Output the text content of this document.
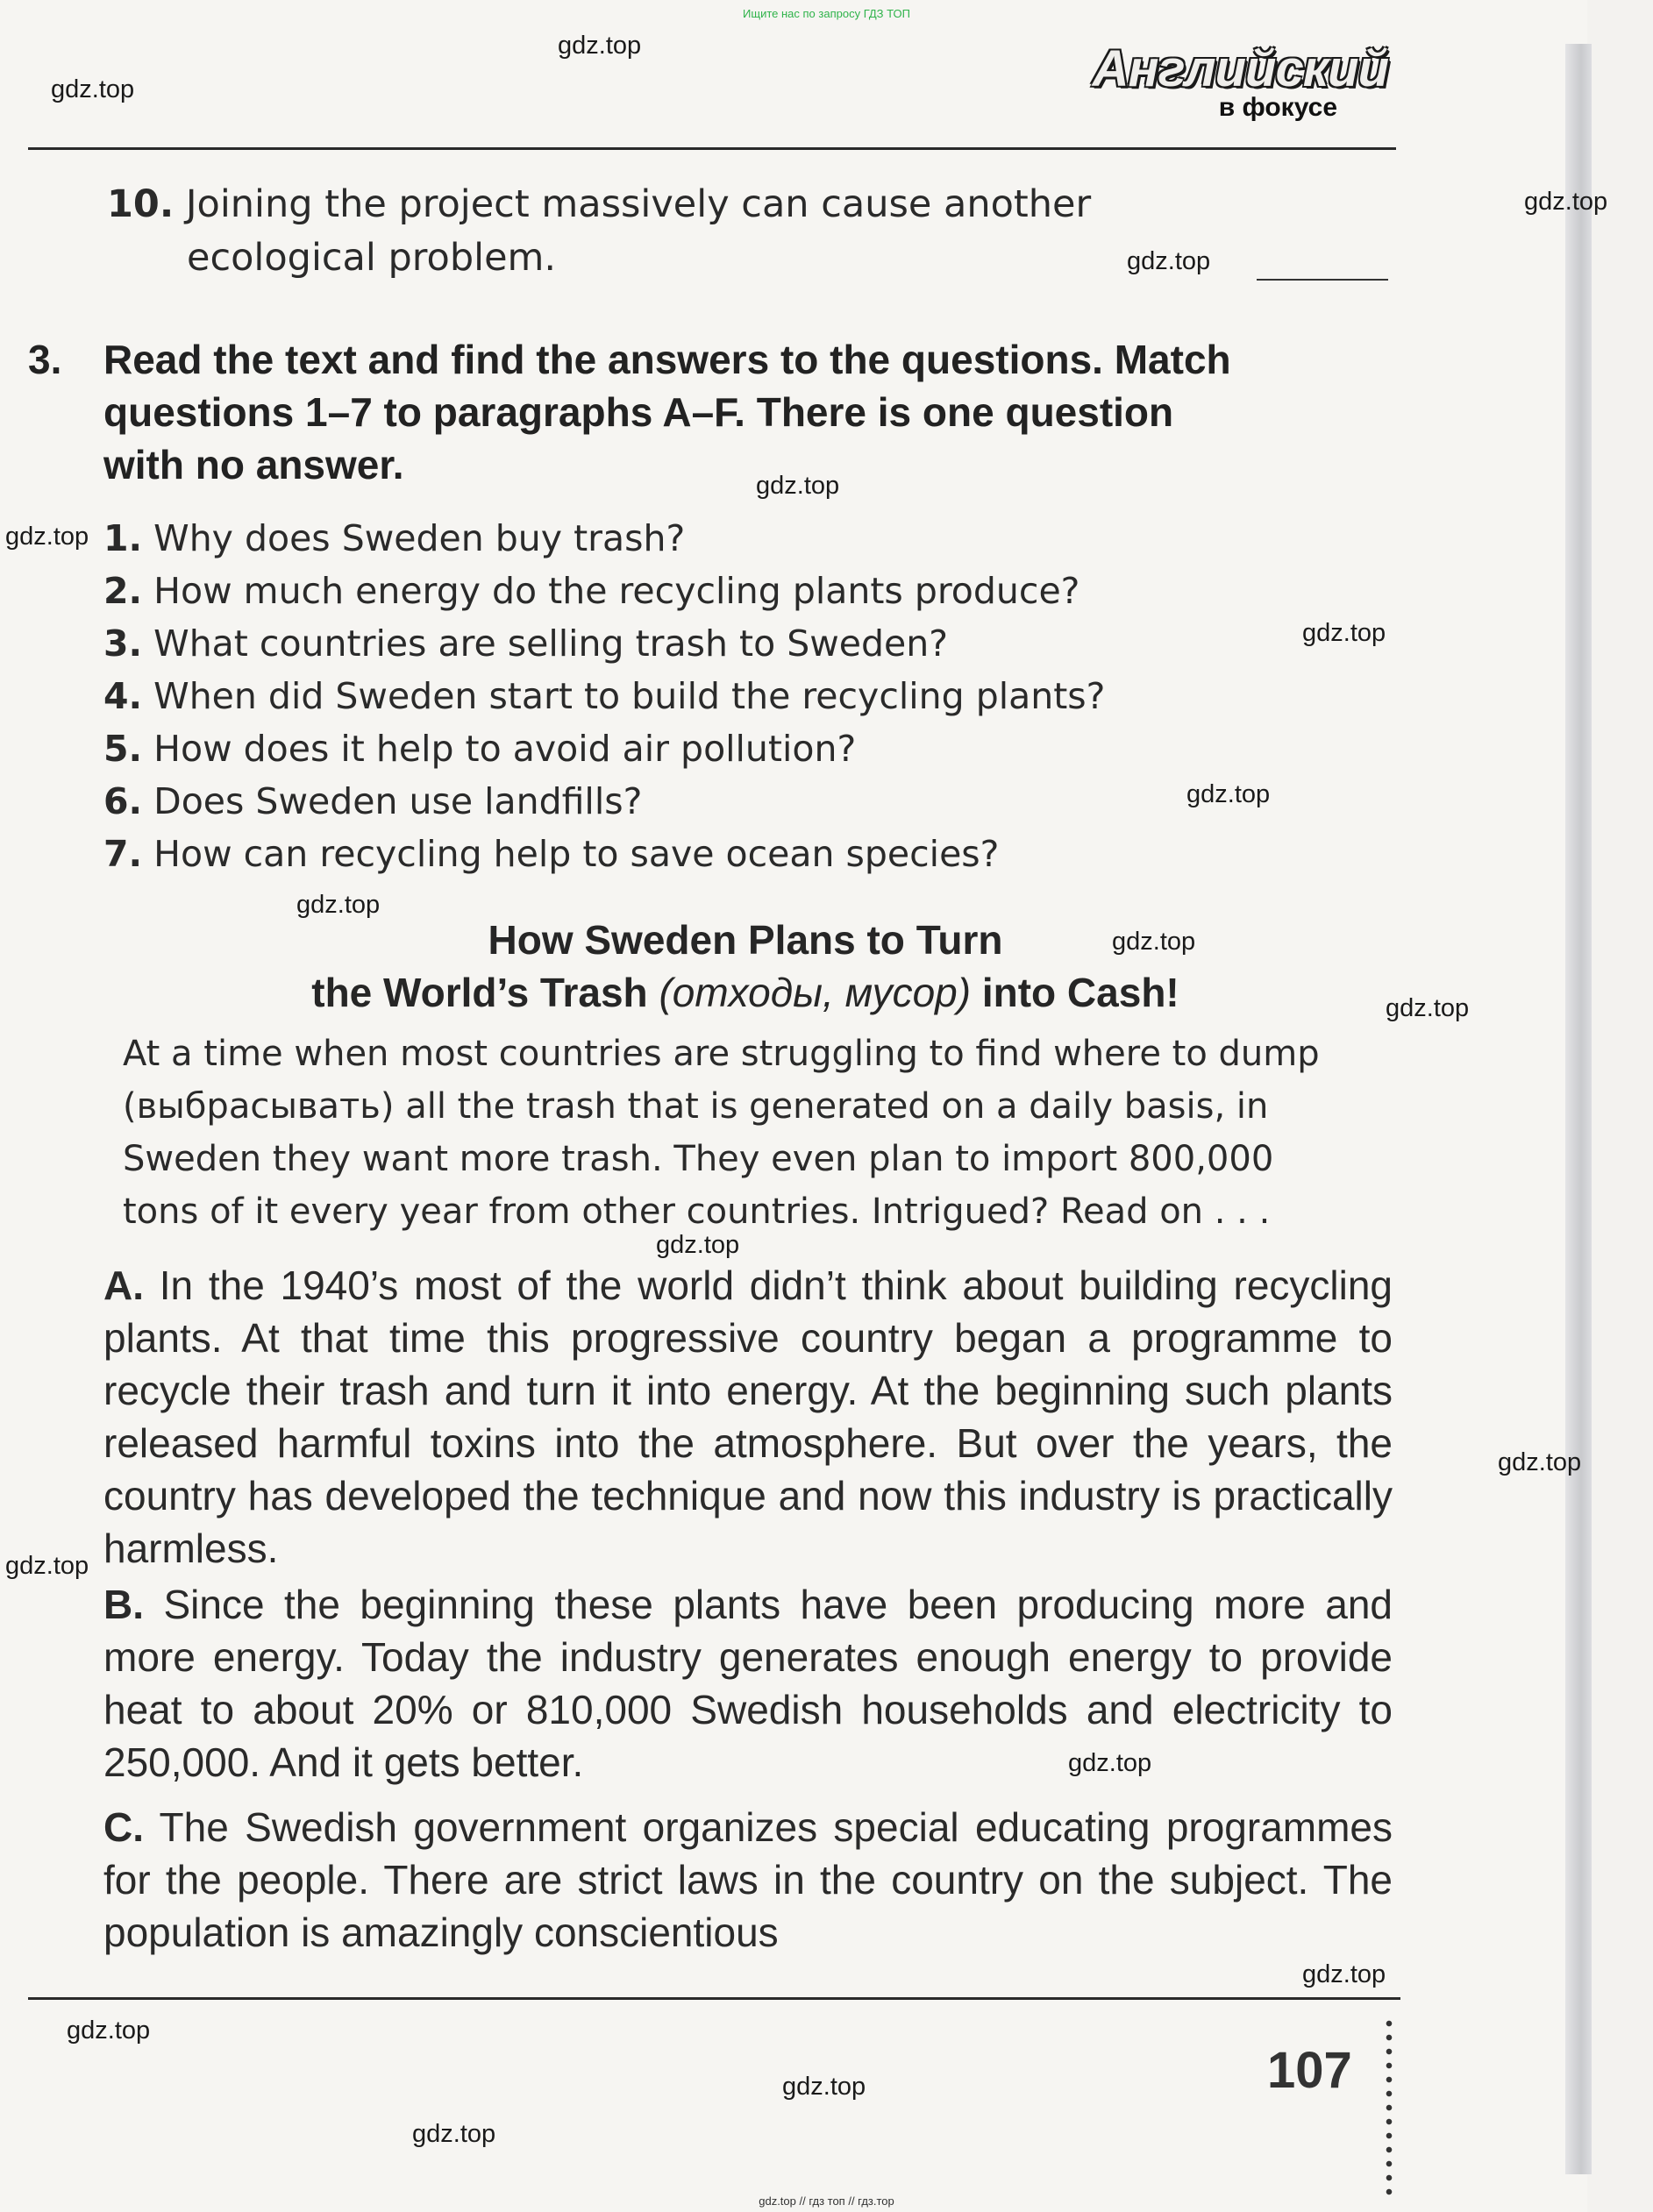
Ищите нас по запросу ГДЗ ТОП
Английский
в фокусе
10. Joining the project massively can cause another
ecological problem.
3. Read the text and find the answers to the questions. Match
questions 1–7 to paragraphs A–F. There is one question
with no answer.
1. Why does Sweden buy trash?
2. How much energy do the recycling plants produce?
3. What countries are selling trash to Sweden?
4. When did Sweden start to build the recycling plants?
5. How does it help to avoid air pollution?
6. Does Sweden use landfills?
7. How can recycling help to save ocean species?
How Sweden Plans to Turn
the World’s Trash (отходы, мусор) into Cash!
At a time when most countries are struggling to find where to dump
(выбрасывать) all the trash that is generated on a daily basis, in
Sweden they want more trash. They even plan to import 800,000
tons of it every year from other countries. Intrigued? Read on . . .
A. In the 1940’s most of the world didn’t think about building recycling plants. At that time this progressive country began a programme to recycle their trash and turn it into energy. At the beginning such plants released harmful toxins into the atmosphere. But over the years, the country has developed the technique and now this industry is practically harmless.
B. Since the beginning these plants have been producing more and more energy. Today the industry generates enough energy to provide heat to about 20% or 810,000 Swedish households and electricity to 250,000. And it gets better.
C. The Swedish government organizes special educating programmes for the people. There are strict laws in the country on the subject. The population is amazingly conscientious
107
gdz.top
gdz.top
gdz.top
gdz.top
gdz.top
gdz.top
gdz.top
gdz.top
gdz.top
gdz.top
gdz.top
gdz.top
gdz.top
gdz.top
gdz.top
gdz.top
gdz.top
gdz.top
gdz.top
gdz.top // гдз топ // гдз.тор
